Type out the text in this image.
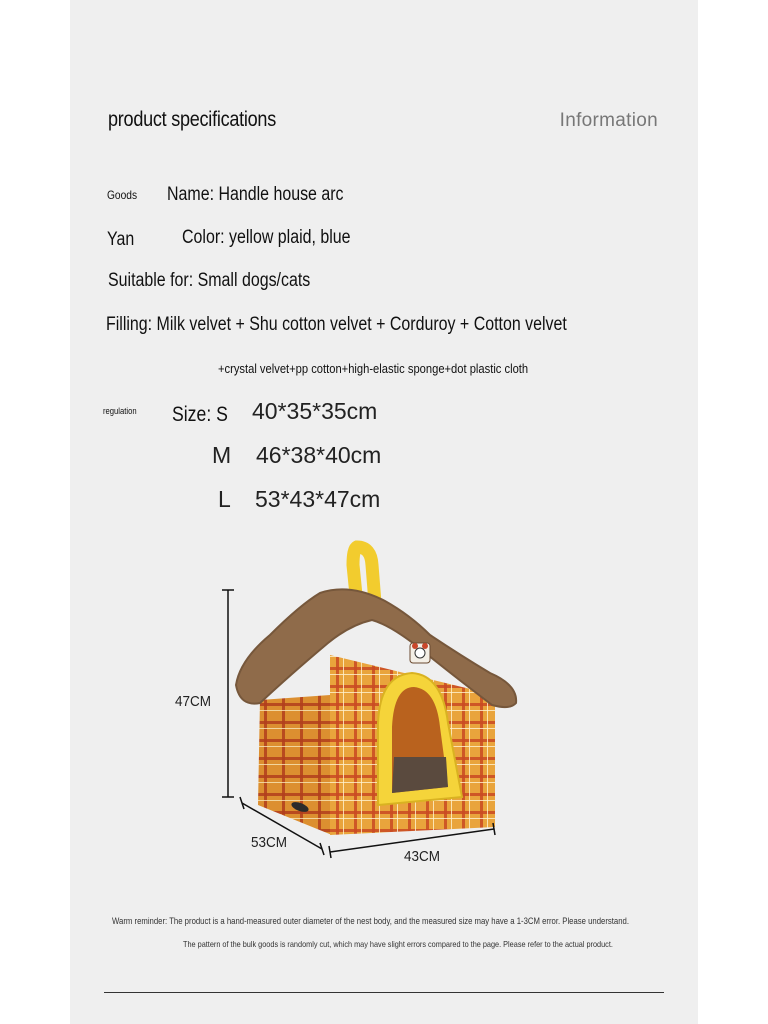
product specifications	Information
Goods Name: Handle house arc
Yan	Color: yellow plaid, blue
Suitable for: Small dogs/cats
Filling: Milk velvet + Shu cotton velvet + Corduroy + Cotton velvet
+crystal velvet+pp cotton+high-elastic sponge+dot plastic cloth
regulation Size: S 40*35*35cm
M 46*38*40cm
L 53*43*47cm
47CM
53CM
43CM
Warm reminder: The product is a hand-measured outer diameter of the nest body, and the measured size may have a 1-3CM error. Please understand.
The pattern of the bulk goods is randomly cut, which may have slight errors compared to the page. Please refer to the actual product.
